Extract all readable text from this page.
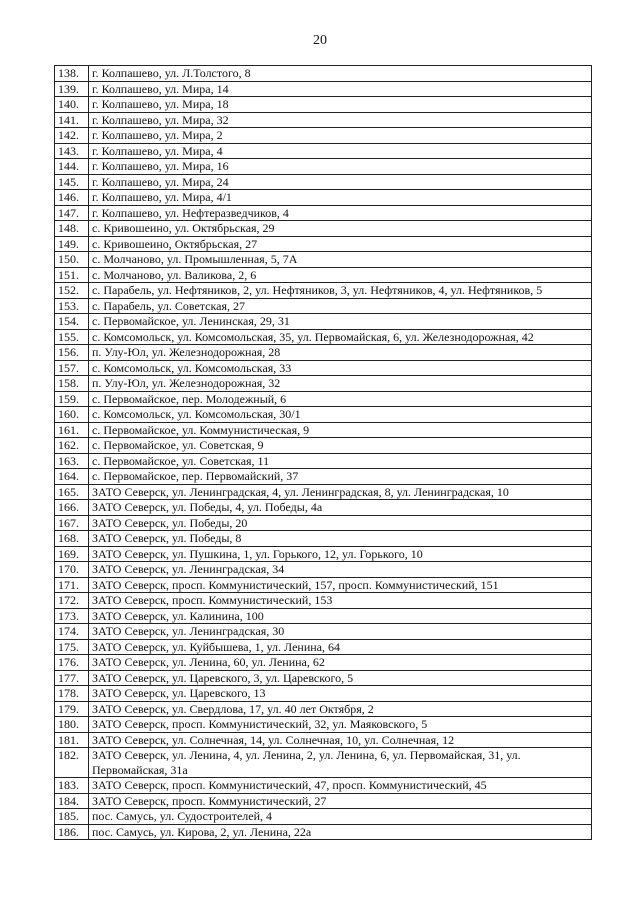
20
138.	г. Колпашево, ул. Л.Толстого, 8
139.	г. Колпашево, ул. Мира, 14
140.	г. Колпашево, ул. Мира, 18
141.	г. Колпашево, ул. Мира, 32
142.	г. Колпашево, ул. Мира, 2
143.	г. Колпашево, ул. Мира, 4
144.	г. Колпашево, ул. Мира, 16
145.	г. Колпашево, ул. Мира, 24
146.	г. Колпашево, ул. Мира, 4/1
147.	г. Колпашево, ул. Нефтеразведчиков, 4
148.	с. Кривошеино, ул. Октябрьская, 29
149.	с. Кривошеино, Октябрьская, 27
150.	с. Молчаново, ул. Промышленная, 5, 7А
151.	с. Молчаново, ул. Валикова, 2, 6
152.	с. Парабель, ул. Нефтяников, 2, ул. Нефтяников, 3, ул. Нефтяников, 4, ул. Нефтяников, 5
153.	с. Парабель, ул. Советская, 27
154.	с. Первомайское, ул. Ленинская, 29, 31
155.	с. Комсомольск, ул. Комсомольская, 35, ул. Первомайская, 6, ул. Железнодорожная, 42
156.	п. Улу-Юл, ул. Железнодорожная, 28
157.	с. Комсомольск, ул. Комсомольская, 33
158.	п. Улу-Юл, ул. Железнодорожная, 32
159.	с. Первомайское, пер. Молодежный, 6
160.	с. Комсомольск, ул. Комсомольская, 30/1
161.	с. Первомайское, ул. Коммунистическая, 9
162.	с. Первомайское, ул. Советская, 9
163.	с. Первомайское, ул. Советская, 11
164.	с. Первомайское, пер. Первомайский, 37
165.	ЗАТО Северск, ул. Ленинградская, 4, ул. Ленинградская, 8, ул. Ленинградская, 10
166.	ЗАТО Северск, ул. Победы, 4, ул. Победы, 4а
167.	ЗАТО Северск, ул. Победы, 20
168.	ЗАТО Северск, ул. Победы, 8
169.	ЗАТО Северск, ул. Пушкина, 1, ул. Горького, 12, ул. Горького, 10
170.	ЗАТО Северск, ул. Ленинградская, 34
171.	ЗАТО Северск, просп. Коммунистический, 157, просп. Коммунистический, 151
172.	ЗАТО Северск, просп. Коммунистический, 153
173.	ЗАТО Северск, ул. Калинина, 100
174.	ЗАТО Северск, ул. Ленинградская, 30
175.	ЗАТО Северск, ул. Куйбышева, 1, ул. Ленина, 64
176.	ЗАТО Северск, ул. Ленина, 60, ул. Ленина, 62
177.	ЗАТО Северск, ул. Царевского, 3, ул. Царевского, 5
178.	ЗАТО Северск, ул. Царевского, 13
179.	ЗАТО Северск, ул. Свердлова, 17, ул. 40 лет Октября, 2
180.	ЗАТО Северск, просп. Коммунистический, 32, ул. Маяковского, 5
181.	ЗАТО Северск, ул. Солнечная, 14, ул. Солнечная, 10, ул. Солнечная, 12
182.	ЗАТО Северск, ул. Ленина, 4, ул. Ленина, 2, ул. Ленина, 6, ул. Первомайская, 31, ул. Первомайская, 31а
183.	ЗАТО Северск, просп. Коммунистический, 47, просп. Коммунистический, 45
184.	ЗАТО Северск, просп. Коммунистический, 27
185.	пос. Самусь, ул. Судостроителей, 4
186.	пос. Самусь, ул. Кирова, 2, ул. Ленина, 22а
